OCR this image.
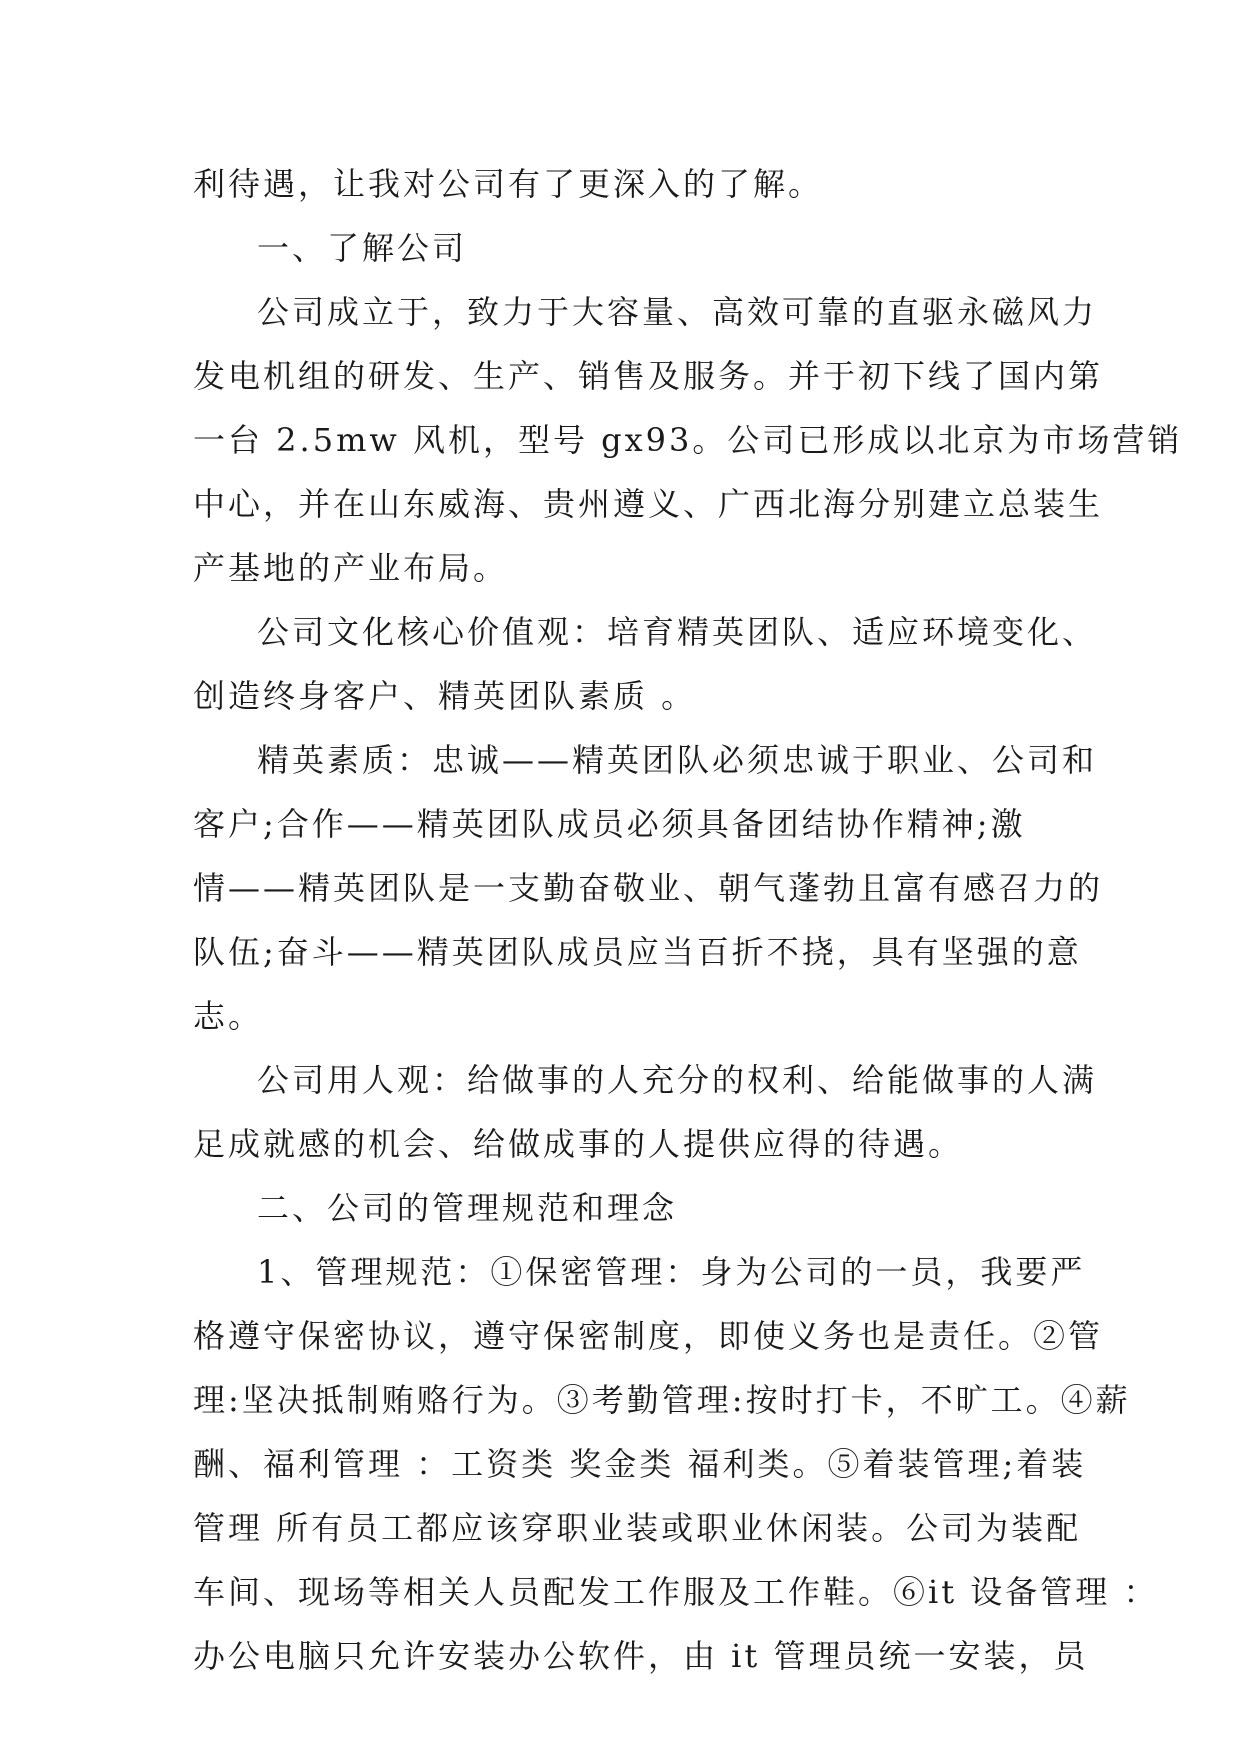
利待遇，让我对公司有了更深入的了解。
一、了解公司
公司成立于，致力于大容量、高效可靠的直驱永磁风力
发电机组的研发、生产、销售及服务。并于初下线了国内第
一台 2.5mw 风机，型号 gx93。公司已形成以北京为市场营销
中心，并在山东威海、贵州遵义、广西北海分别建立总装生
产基地的产业布局。
公司文化核心价值观：培育精英团队、适应环境变化、
创造终身客户、精英团队素质 。
精英素质：忠诚——精英团队必须忠诚于职业、公司和
客户;合作——精英团队成员必须具备团结协作精神;激
情——精英团队是一支勤奋敬业、朝气蓬勃且富有感召力的
队伍;奋斗——精英团队成员应当百折不挠，具有坚强的意
志。
公司用人观：给做事的人充分的权利、给能做事的人满
足成就感的机会、给做成事的人提供应得的待遇。
二、公司的管理规范和理念
1、管理规范：①保密管理：身为公司的一员，我要严
格遵守保密协议，遵守保密制度，即使义务也是责任。②管
理:坚决抵制贿赂行为。③考勤管理:按时打卡，不旷工。④薪
酬、福利管理 ：工资类 奖金类 福利类。⑤着装管理;着装
管理 所有员工都应该穿职业装或职业休闲装。公司为装配
车间、现场等相关人员配发工作服及工作鞋。⑥it 设备管理 ：
办公电脑只允许安装办公软件，由 it 管理员统一安装，员
